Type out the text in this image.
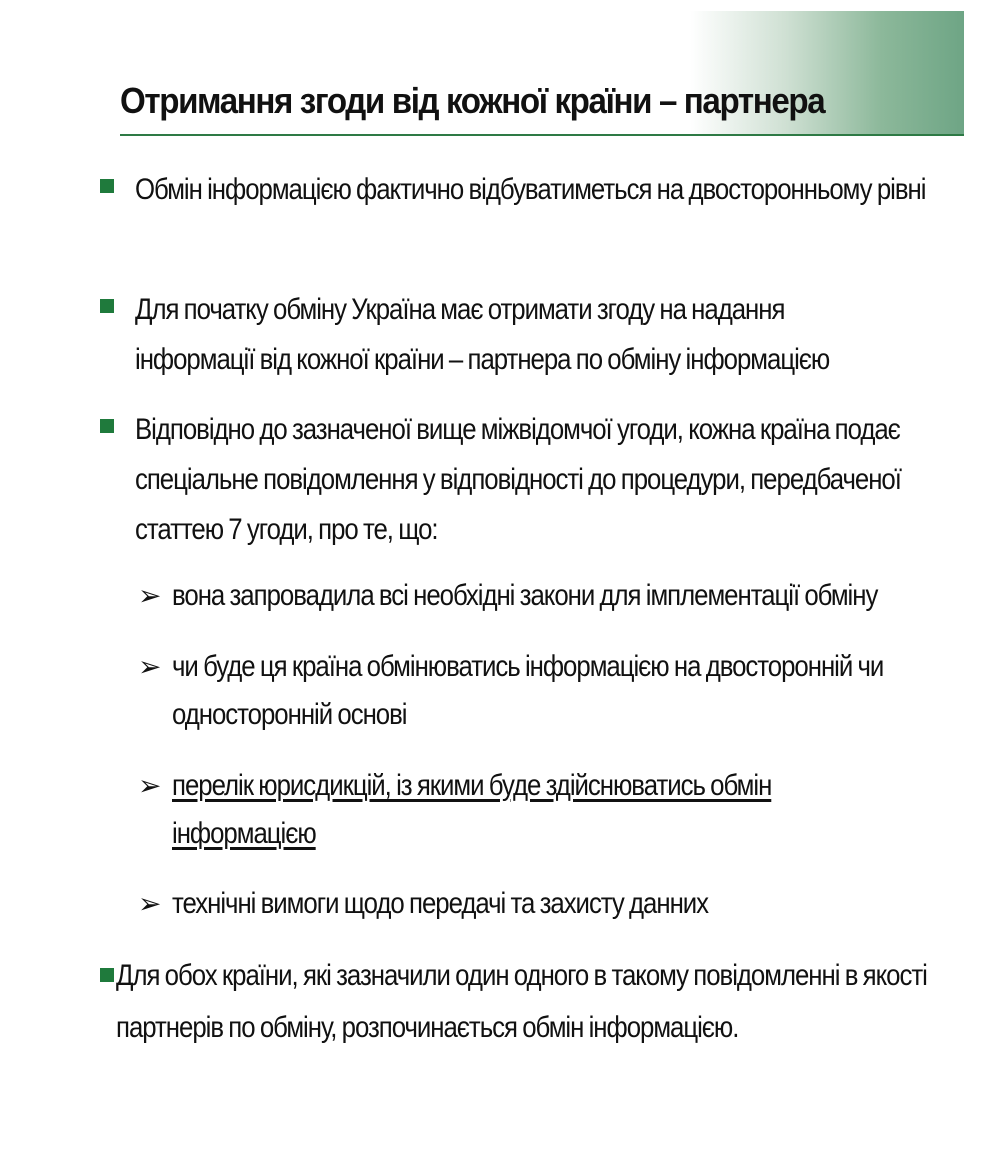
Отримання згоди від кожної країни – партнера
Обмін інформацією фактично відбуватиметься на двосторонньому рівні
Для початку обміну Україна має отримати згоду на надання інформації від кожної країни – партнера по обміну інформацією
Відповідно до зазначеної вище міжвідомчої угоди, кожна країна подає спеціальне повідомлення у відповідності до процедури, передбаченої статтею 7 угоди, про те, що:
➢ вона запровадила всі необхідні закони для імплементації обміну
➢ чи буде ця країна обмінюватись інформацією на двосторонній чи односторонній основі
➢ перелік юрисдикцій, із якими буде здійснюватись обмін інформацією
➢ технічні вимоги щодо передачі та захисту данних
Для обох країни, які зазначили один одного в такому повідомленні в якості партнерів по обміну, розпочинається обмін інформацією.
